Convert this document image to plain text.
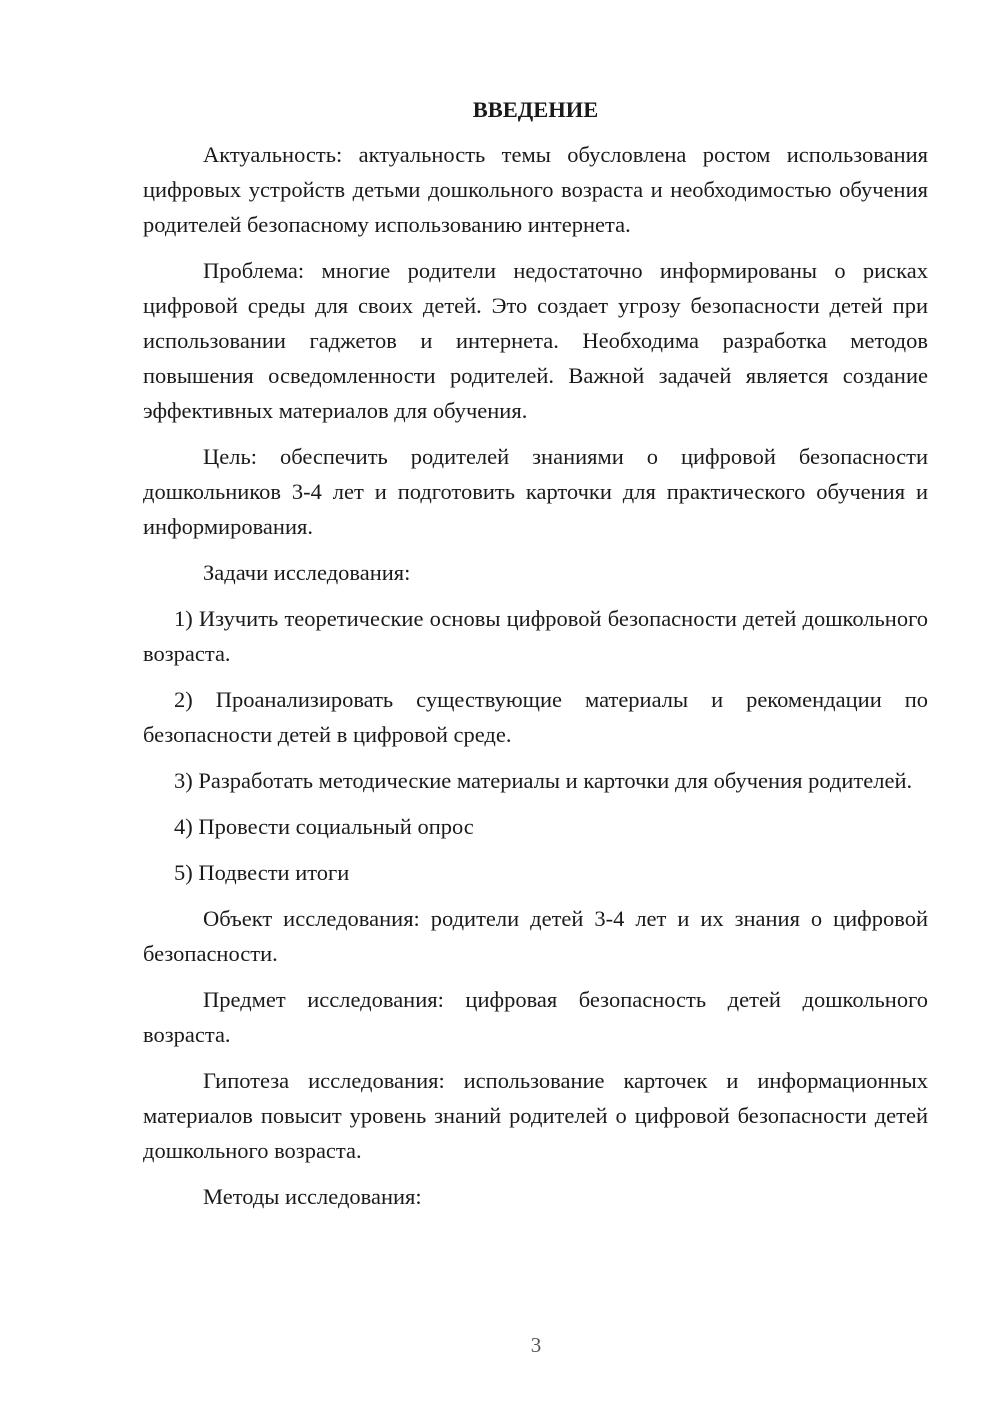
ВВЕДЕНИЕ

Актуальность: актуальность темы обусловлена ростом использования цифровых устройств детьми дошкольного возраста и необходимостью обучения родителей безопасному использованию интернета.

Проблема: многие родители недостаточно информированы о рисках цифровой среды для своих детей. Это создает угрозу безопасности детей при использовании гаджетов и интернета. Необходима разработка методов повышения осведомленности родителей. Важной задачей является создание эффективных материалов для обучения.

Цель: обеспечить родителей знаниями о цифровой безопасности дошкольников 3-4 лет и подготовить карточки для практического обучения и информирования.

Задачи исследования:

1) Изучить теоретические основы цифровой безопасности детей дошкольного возраста.

2) Проанализировать существующие материалы и рекомендации по безопасности детей в цифровой среде.

3) Разработать методические материалы и карточки для обучения родителей.

4) Провести социальный опрос

5) Подвести итоги

Объект исследования: родители детей 3-4 лет и их знания о цифровой безопасности.

Предмет исследования: цифровая безопасность детей дошкольного возраста.

Гипотеза исследования: использование карточек и информационных материалов повысит уровень знаний родителей о цифровой безопасности детей дошкольного возраста.

Методы исследования:

3
